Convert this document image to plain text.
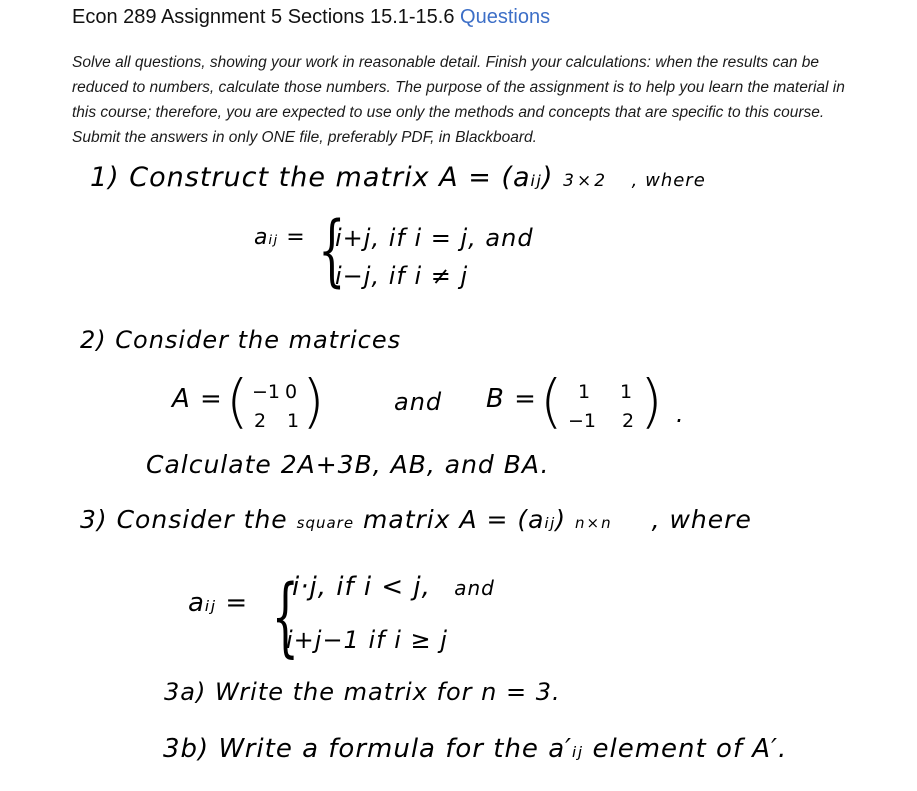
Econ 289 Assignment 5 Sections 15.1-15.6 Questions
Solve all questions, showing your work in reasonable detail. Finish your calculations: when the results can be reduced to numbers, calculate those numbers. The purpose of the assignment is to help you learn the material in this course; therefore, you are expected to use only the methods and concepts that are specific to this course. Submit the answers in only ONE file, preferably PDF, in Blackboard.
1) Construct the matrix A = (aᵢⱼ) 3×2 , where
aᵢⱼ = {
i+j, if i = j, and
i−j, if i ≠ j
2) Consider the matrices
A = ( −1 0
2 1 )	and B = ( 1 1
−1 2 ) .
Calculate 2A+3B, AB, and BA.
3) Consider the square matrix A = (aᵢⱼ) n×n , where
aᵢⱼ = {
i·j, if i < j, and
i+j−1 if i ≥ j
3a) Write the matrix for n = 3.
3b) Write a formula for the a′ᵢⱼ element of A′.
